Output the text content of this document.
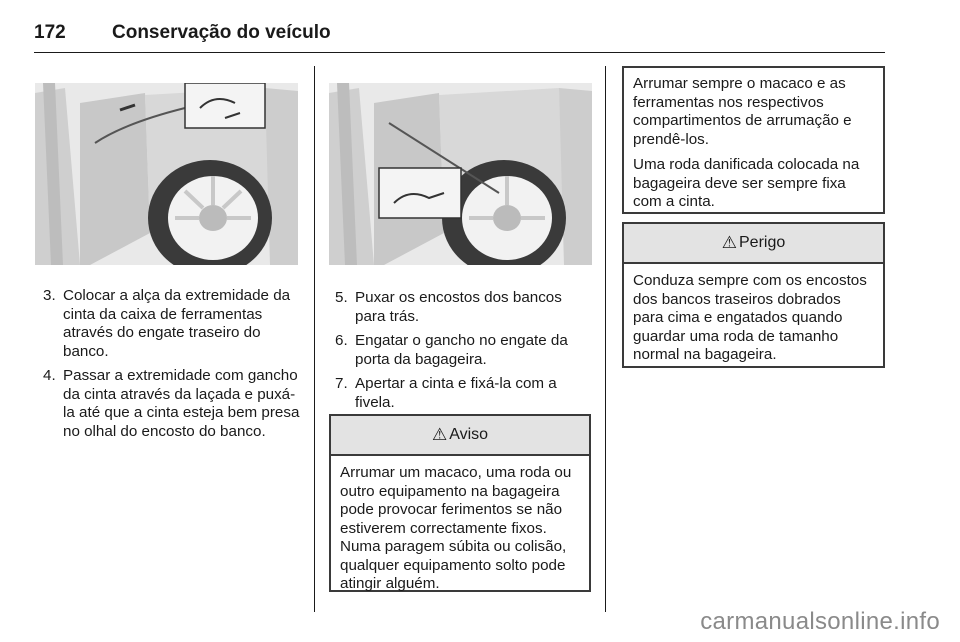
172 Conservação do veículo
3. Colocar a alça da extremidade da cinta da caixa de ferramentas através do engate traseiro do banco.
4. Passar a extremidade com gancho da cinta através da laçada e puxá-la até que a cinta esteja bem presa no olhal do encosto do banco.
5. Puxar os encostos dos bancos para trás.
6. Engatar o gancho no engate da porta da bagageira.
7. Apertar a cinta e fixá-la com a fivela.
⚠ Aviso

Arrumar um macaco, uma roda ou outro equipamento na bagageira pode provocar ferimentos se não estiverem correctamente fixos. Numa paragem súbita ou colisão, qualquer equipamento solto pode atingir alguém.

Arrumar sempre o macaco e as ferramentas nos respectivos compartimentos de arrumação e prendê-los.

Uma roda danificada colocada na bagageira deve ser sempre fixa com a cinta.

⚠ Perigo

Conduza sempre com os encostos dos bancos traseiros dobrados para cima e engatados quando guardar uma roda de tamanho normal na bagageira.

carmanualsonline.info
